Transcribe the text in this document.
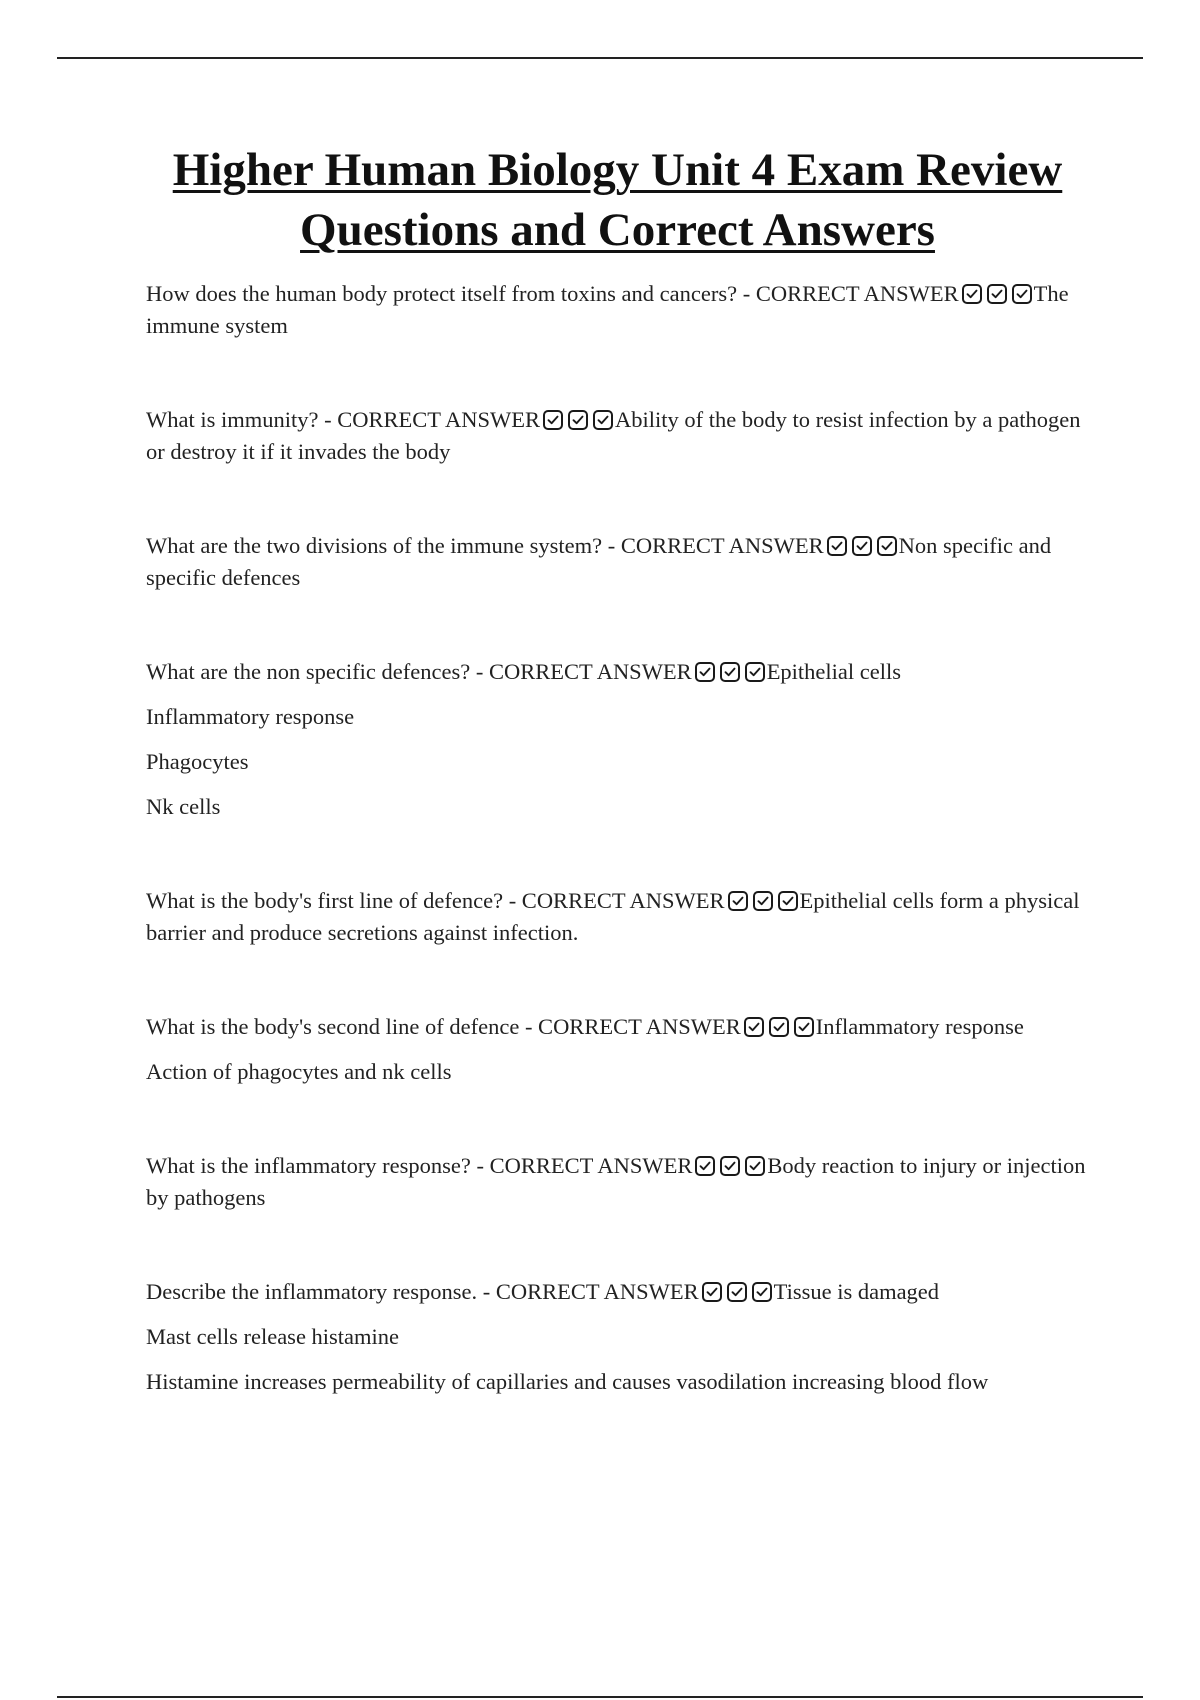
Higher Human Biology Unit 4 Exam Review
Questions and Correct Answers

How does the human body protect itself from toxins and cancers? - CORRECT ANSWER	The immune system

What is immunity? - CORRECT ANSWER	Ability of the body to resist infection by a pathogen or destroy it if it invades the body

What are the two divisions of the immune system? - CORRECT ANSWER	Non specific and specific defences

What are the non specific defences? - CORRECT ANSWER	Epithelial cells

Inflammatory response

Phagocytes

Nk cells

What is the body's first line of defence? - CORRECT ANSWER	Epithelial cells form a physical barrier and produce secretions against infection.

What is the body's second line of defence - CORRECT ANSWER	Inflammatory response

Action of phagocytes and nk cells

What is the inflammatory response? - CORRECT ANSWER	Body reaction to injury or injection by pathogens

Describe the inflammatory response. - CORRECT ANSWER	Tissue is damaged

Mast cells release histamine

Histamine increases permeability of capillaries and causes vasodilation increasing blood flow
